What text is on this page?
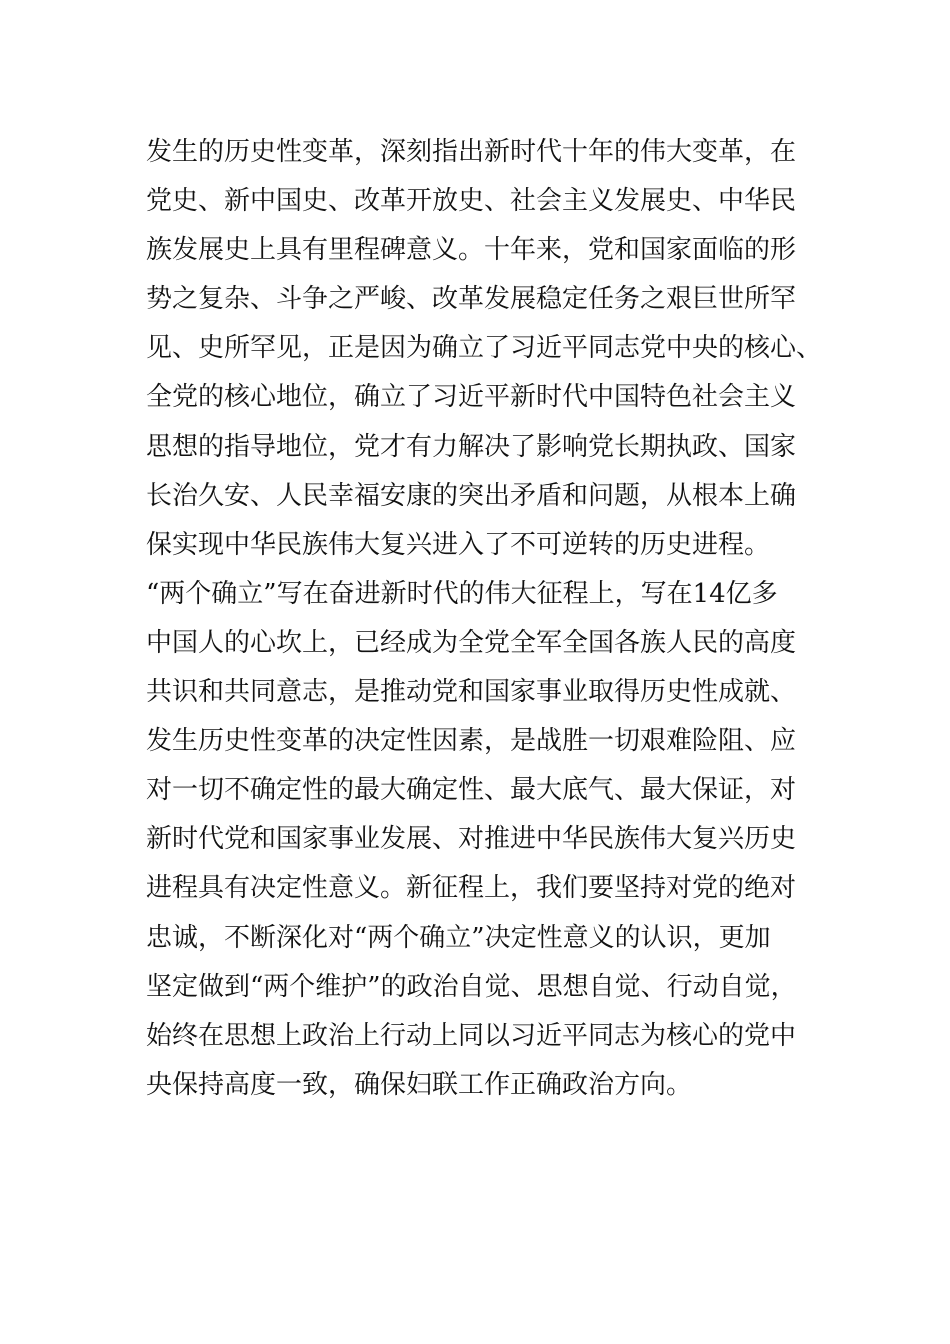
发生的历史性变革，深刻指出新时代十年的伟大变革，在
党史、新中国史、改革开放史、社会主义发展史、中华民
族发展史上具有里程碑意义。十年来，党和国家面临的形
势之复杂、斗争之严峻、改革发展稳定任务之艰巨世所罕
见、史所罕见，正是因为确立了习近平同志党中央的核心、
全党的核心地位，确立了习近平新时代中国特色社会主义
思想的指导地位，党才有力解决了影响党长期执政、国家
长治久安、人民幸福安康的突出矛盾和问题，从根本上确
保实现中华民族伟大复兴进入了不可逆转的历史进程。
“两个确立”写在奋进新时代的伟大征程上，写在14亿多
中国人的心坎上，已经成为全党全军全国各族人民的高度
共识和共同意志，是推动党和国家事业取得历史性成就、
发生历史性变革的决定性因素，是战胜一切艰难险阻、应
对一切不确定性的最大确定性、最大底气、最大保证，对
新时代党和国家事业发展、对推进中华民族伟大复兴历史
进程具有决定性意义。新征程上，我们要坚持对党的绝对
忠诚，不断深化对“两个确立”决定性意义的认识，更加
坚定做到“两个维护”的政治自觉、思想自觉、行动自觉，
始终在思想上政治上行动上同以习近平同志为核心的党中
央保持高度一致，确保妇联工作正确政治方向。
